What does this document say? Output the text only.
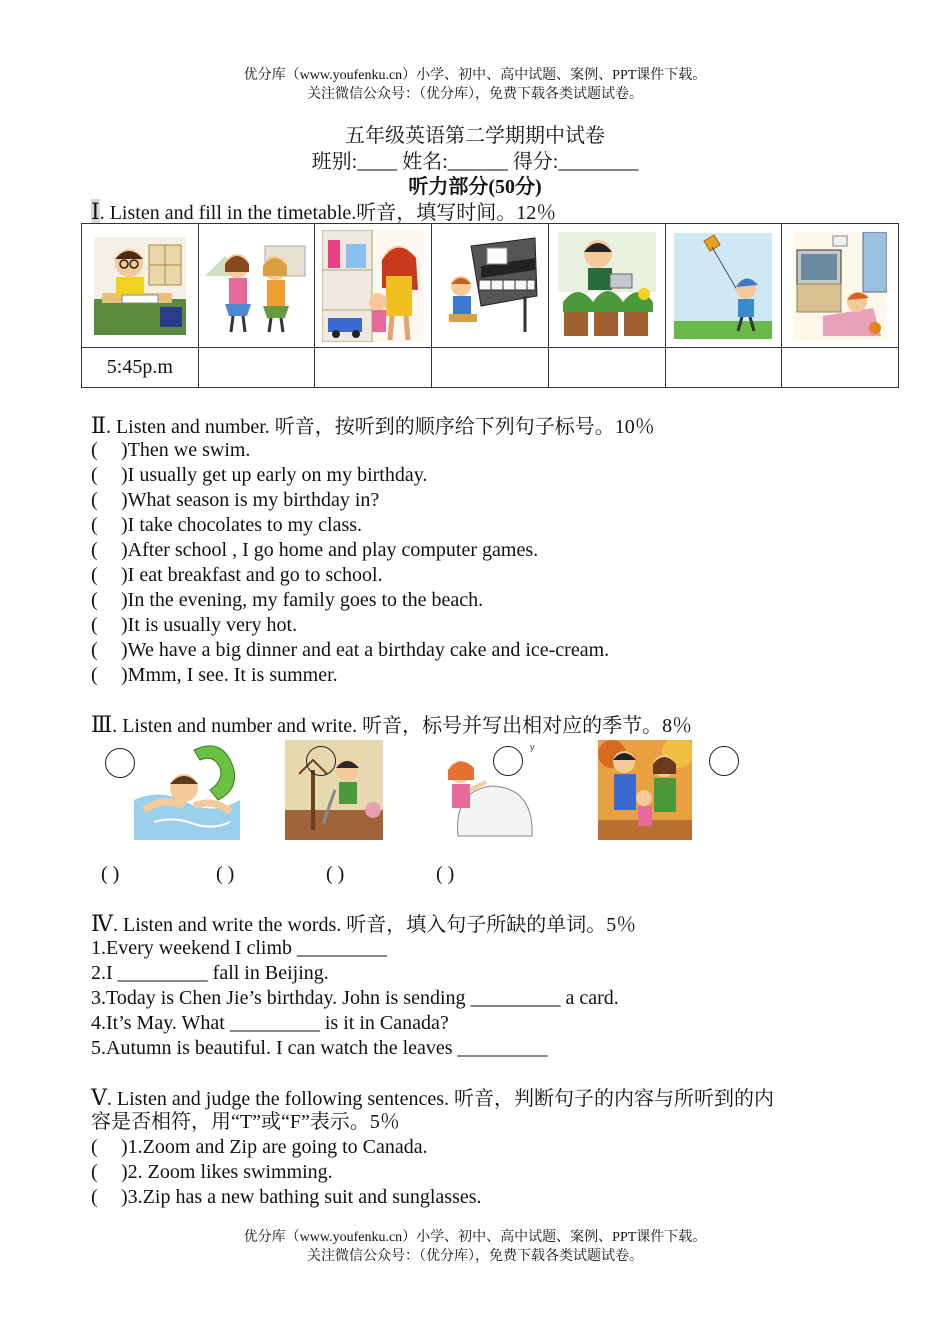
优分库（www.youfenku.cn）小学、初中、高中试题、案例、PPT课件下载。
关注微信公众号：（优分库），免费下载各类试题试卷。
五年级英语第二学期期中试卷
班别:____ 姓名:______ 得分:________
听力部分(50分)
Ⅰ. Listen and fill in the timetable.听音，填写时间。12％

5:45p.m						
Ⅱ. Listen and number. 听音，按听到的顺序给下列句子标号。10％
( )Then we swim.
( )I usually get up early on my birthday.
( )What season is my birthday in?
( )I take chocolates to my class.
( )After school , I go home and play computer games.
( )I eat breakfast and go to school.
( )In the evening, my family goes to the beach.
( )It is usually very hot.
( )We have a big dinner and eat a birthday cake and ice-cream.
( )Mmm, I see. It is summer.
Ⅲ. Listen and number and write. 听音，标号并写出相对应的季节。8％
y
( )	( )	( )	( )
Ⅳ. Listen and write the words. 听音，填入句子所缺的单词。5％
1.Every weekend I climb _________
2.I _________ fall in Beijing.
3.Today is Chen Jie’s birthday. John is sending _________ a card.
4.It’s May. What _________ is it in Canada?
5.Autumn is beautiful. I can watch the leaves _________
Ⅴ. Listen and judge the following sentences. 听音，判断句子的内容与所听到的内
容是否相符，用“T”或“F”表示。5％
( )1.Zoom and Zip are going to Canada.
( )2. Zoom likes swimming.
( )3.Zip has a new bathing suit and sunglasses.
优分库（www.youfenku.cn）小学、初中、高中试题、案例、PPT课件下载。
关注微信公众号：（优分库），免费下载各类试题试卷。
